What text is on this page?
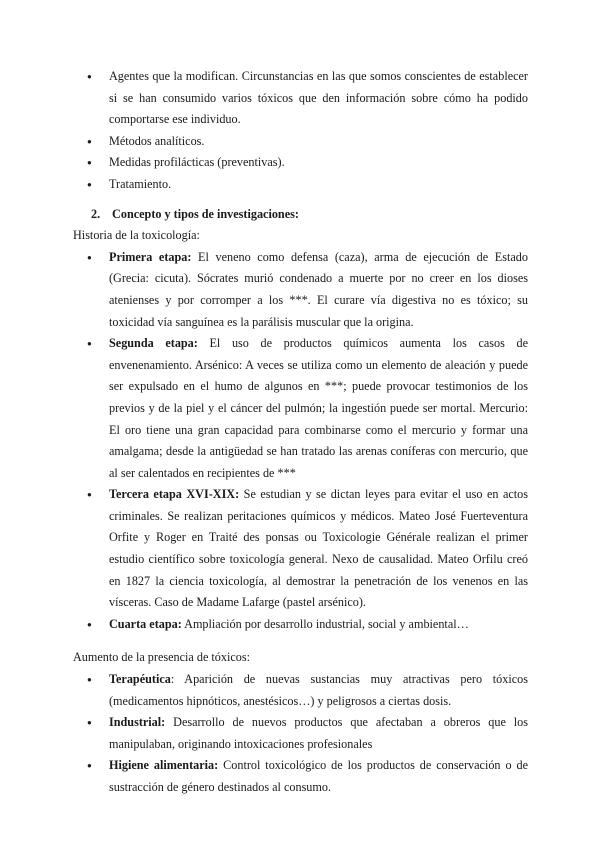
● Agentes que la modifican. Circunstancias en las que somos conscientes de establecer si se han consumido varios tóxicos que den información sobre cómo ha podido comportarse ese individuo.
● Métodos analíticos.
● Medidas profilácticas (preventivas).
● Tratamiento.
2. Concepto y tipos de investigaciones:
Historia de la toxicología:
● Primera etapa: El veneno como defensa (caza), arma de ejecución de Estado (Grecia: cicuta). Sócrates murió condenado a muerte por no creer en los dioses atenienses y por corromper a los ***. El curare vía digestiva no es tóxico; su toxicidad vía sanguínea es la parálisis muscular que la origina.
● Segunda etapa: El uso de productos químicos aumenta los casos de envenenamiento. Arsénico: A veces se utiliza como un elemento de aleación y puede ser expulsado en el humo de algunos en ***; puede provocar testimonios de los previos y de la piel y el cáncer del pulmón; la ingestión puede ser mortal. Mercurio: El oro tiene una gran capacidad para combinarse como el mercurio y formar una amalgama; desde la antigüedad se han tratado las arenas coníferas con mercurio, que al ser calentados en recipientes de ***
● Tercera etapa XVI-XIX: Se estudian y se dictan leyes para evitar el uso en actos criminales. Se realizan peritaciones químicos y médicos. Mateo José Fuerteventura Orfite y Roger en Traité des ponsas ou Toxicologie Générale realizan el primer estudio científico sobre toxicología general. Nexo de causalidad. Mateo Orfilu creó en 1827 la ciencia toxicología, al demostrar la penetración de los venenos en las vísceras. Caso de Madame Lafarge (pastel arsénico).
● Cuarta etapa: Ampliación por desarrollo industrial, social y ambiental…
Aumento de la presencia de tóxicos:
● Terapéutica: Aparición de nuevas sustancias muy atractivas pero tóxicos (medicamentos hipnóticos, anestésicos…) y peligrosos a ciertas dosis.
● Industrial: Desarrollo de nuevos productos que afectaban a obreros que los manipulaban, originando intoxicaciones profesionales
● Higiene alimentaria: Control toxicológico de los productos de conservación o de sustracción de género destinados al consumo.
